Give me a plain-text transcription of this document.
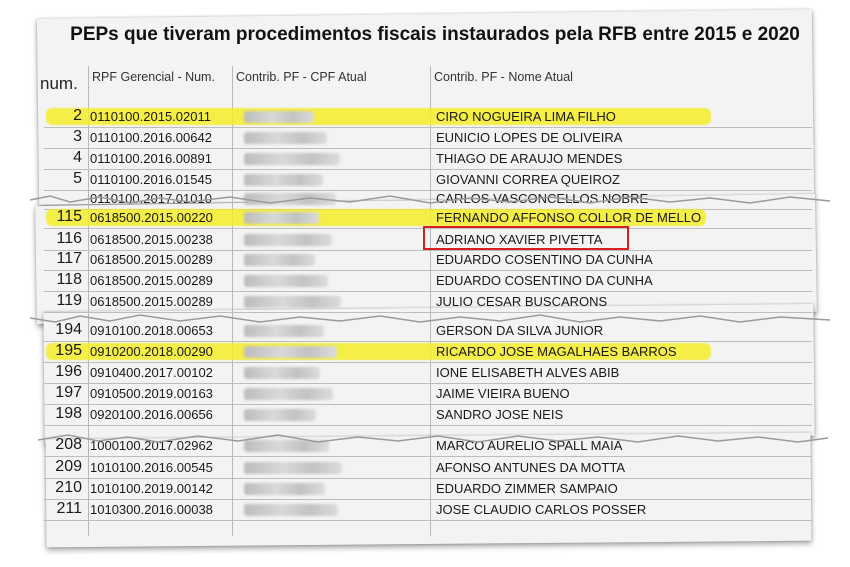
PEPs que tiveram procedimentos fiscais instaurados pela RFB entre 2015 e 2020
num. RPF Gerencial - Num. Contrib. PF - CPF Atual	Contrib. PF - Nome Atual
2 0110100.2015.02011	CIRO NOGUEIRA LIMA FILHO
3 0110100.2016.00642	EUNICIO LOPES DE OLIVEIRA
4 0110100.2016.00891	THIAGO DE ARAUJO MENDES
5 0110100.2016.01545	GIOVANNI CORREA QUEIROZ
0110100.2017.01010	CARLOS VASCONCELLOS NOBRE
115 0618500.2015.00220	FERNANDO AFFONSO COLLOR DE MELLO
116 0618500.2015.00238	ADRIANO XAVIER PIVETTA
117 0618500.2015.00289	EDUARDO COSENTINO DA CUNHA
118 0618500.2015.00289	EDUARDO COSENTINO DA CUNHA
119 0618500.2015.00289	JULIO CESAR BUSCARONS
194 0910100.2018.00653	GERSON DA SILVA JUNIOR
195 0910200.2018.00290	RICARDO JOSE MAGALHAES BARROS
196 0910400.2017.00102	IONE ELISABETH ALVES ABIB
197 0910500.2019.00163	JAIME VIEIRA BUENO
198 0920100.2016.00656	SANDRO JOSE NEIS
208 1000100.2017.02962	MARCO AURELIO SPALL MAIA
209 1010100.2016.00545	AFONSO ANTUNES DA MOTTA
210 1010100.2019.00142	EDUARDO ZIMMER SAMPAIO
211 1010300.2016.00038	JOSE CLAUDIO CARLOS POSSER
